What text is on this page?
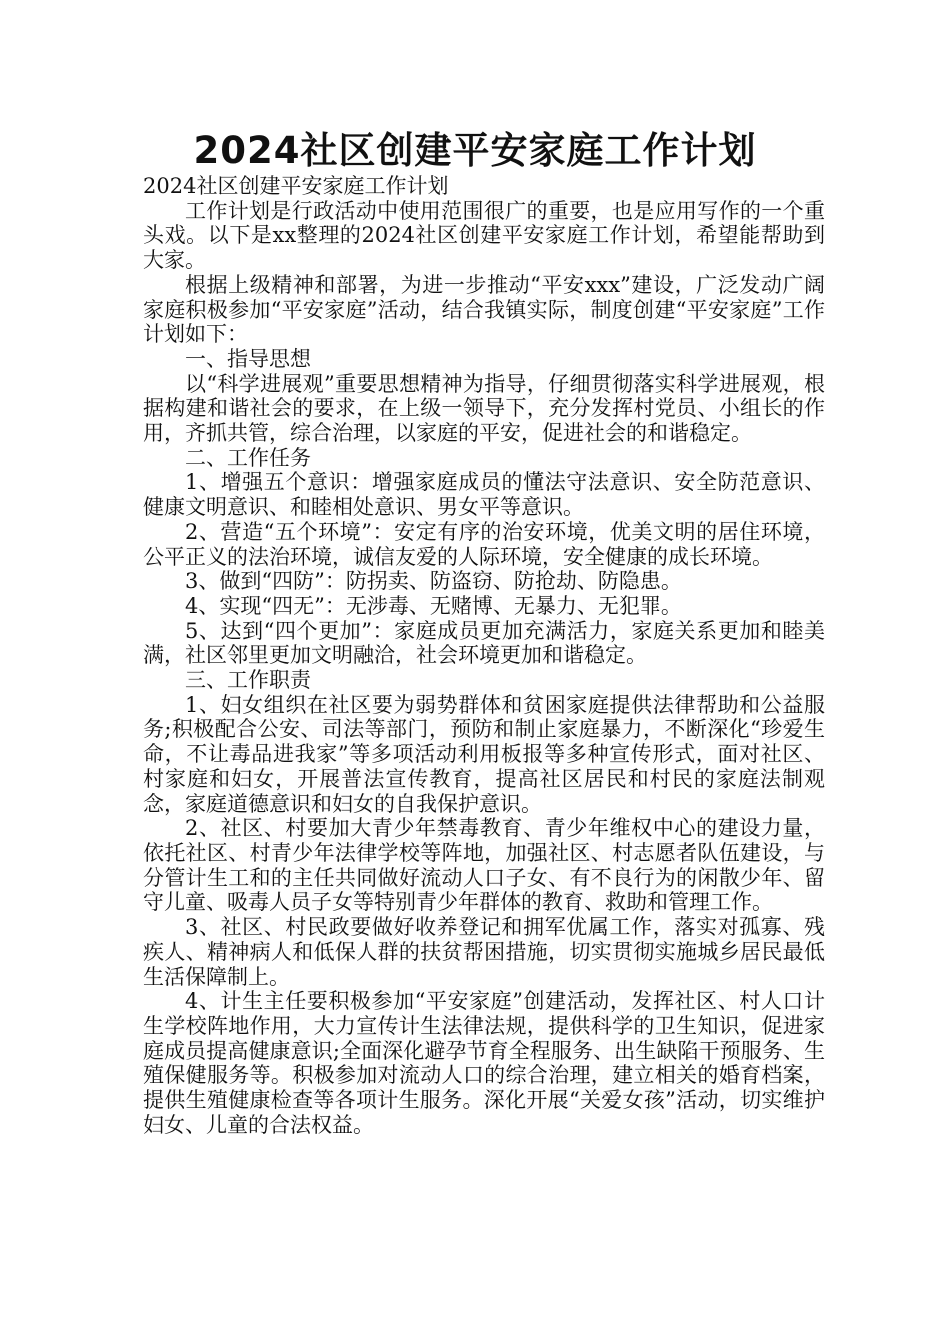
2024社区创建平安家庭工作计划

2024社区创建平安家庭工作计划

工作计划是行政活动中使用范围很广的重要，也是应用写作的一个重头戏。以下是xx整理的2024社区创建平安家庭工作计划，希望能帮助到大家。

根据上级精神和部署，为进一步推动“平安xxx”建设，广泛发动广阔家庭积极参加“平安家庭”活动，结合我镇实际，制度创建“平安家庭”工作计划如下：

一、指导思想

以“科学进展观”重要思想精神为指导，仔细贯彻落实科学进展观，根据构建和谐社会的要求，在上级一领导下，充分发挥村党员、小组长的作用，齐抓共管，综合治理，以家庭的平安，促进社会的和谐稳定。

二、工作任务

1、增强五个意识：增强家庭成员的懂法守法意识、安全防范意识、健康文明意识、和睦相处意识、男女平等意识。

2、营造“五个环境”：安定有序的治安环境，优美文明的居住环境，公平正义的法治环境，诚信友爱的人际环境，安全健康的成长环境。

3、做到“四防”：防拐卖、防盗窃、防抢劫、防隐患。

4、实现“四无”：无涉毒、无赌博、无暴力、无犯罪。

5、达到“四个更加”：家庭成员更加充满活力，家庭关系更加和睦美满，社区邻里更加文明融洽，社会环境更加和谐稳定。

三、工作职责

1、妇女组织在社区要为弱势群体和贫困家庭提供法律帮助和公益服务;积极配合公安、司法等部门，预防和制止家庭暴力，不断深化“珍爱生命，不让毒品进我家”等多项活动利用板报等多种宣传形式，面对社区、村家庭和妇女，开展普法宣传教育，提高社区居民和村民的家庭法制观念，家庭道德意识和妇女的自我保护意识。

2、社区、村要加大青少年禁毒教育、青少年维权中心的建设力量，依托社区、村青少年法律学校等阵地，加强社区、村志愿者队伍建设，与分管计生工和的主任共同做好流动人口子女、有不良行为的闲散少年、留守儿童、吸毒人员子女等特别青少年群体的教育、救助和管理工作。

3、社区、村民政要做好收养登记和拥军优属工作，落实对孤寡、残疾人、精神病人和低保人群的扶贫帮困措施，切实贯彻实施城乡居民最低生活保障制上。

4、计生主任要积极参加“平安家庭”创建活动，发挥社区、村人口计生学校阵地作用，大力宣传计生法律法规，提供科学的卫生知识，促进家庭成员提高健康意识;全面深化避孕节育全程服务、出生缺陷干预服务、生殖保健服务等。积极参加对流动人口的综合治理，建立相关的婚育档案，提供生殖健康检查等各项计生服务。深化开展“关爱女孩”活动，切实维护妇女、儿童的合法权益。
